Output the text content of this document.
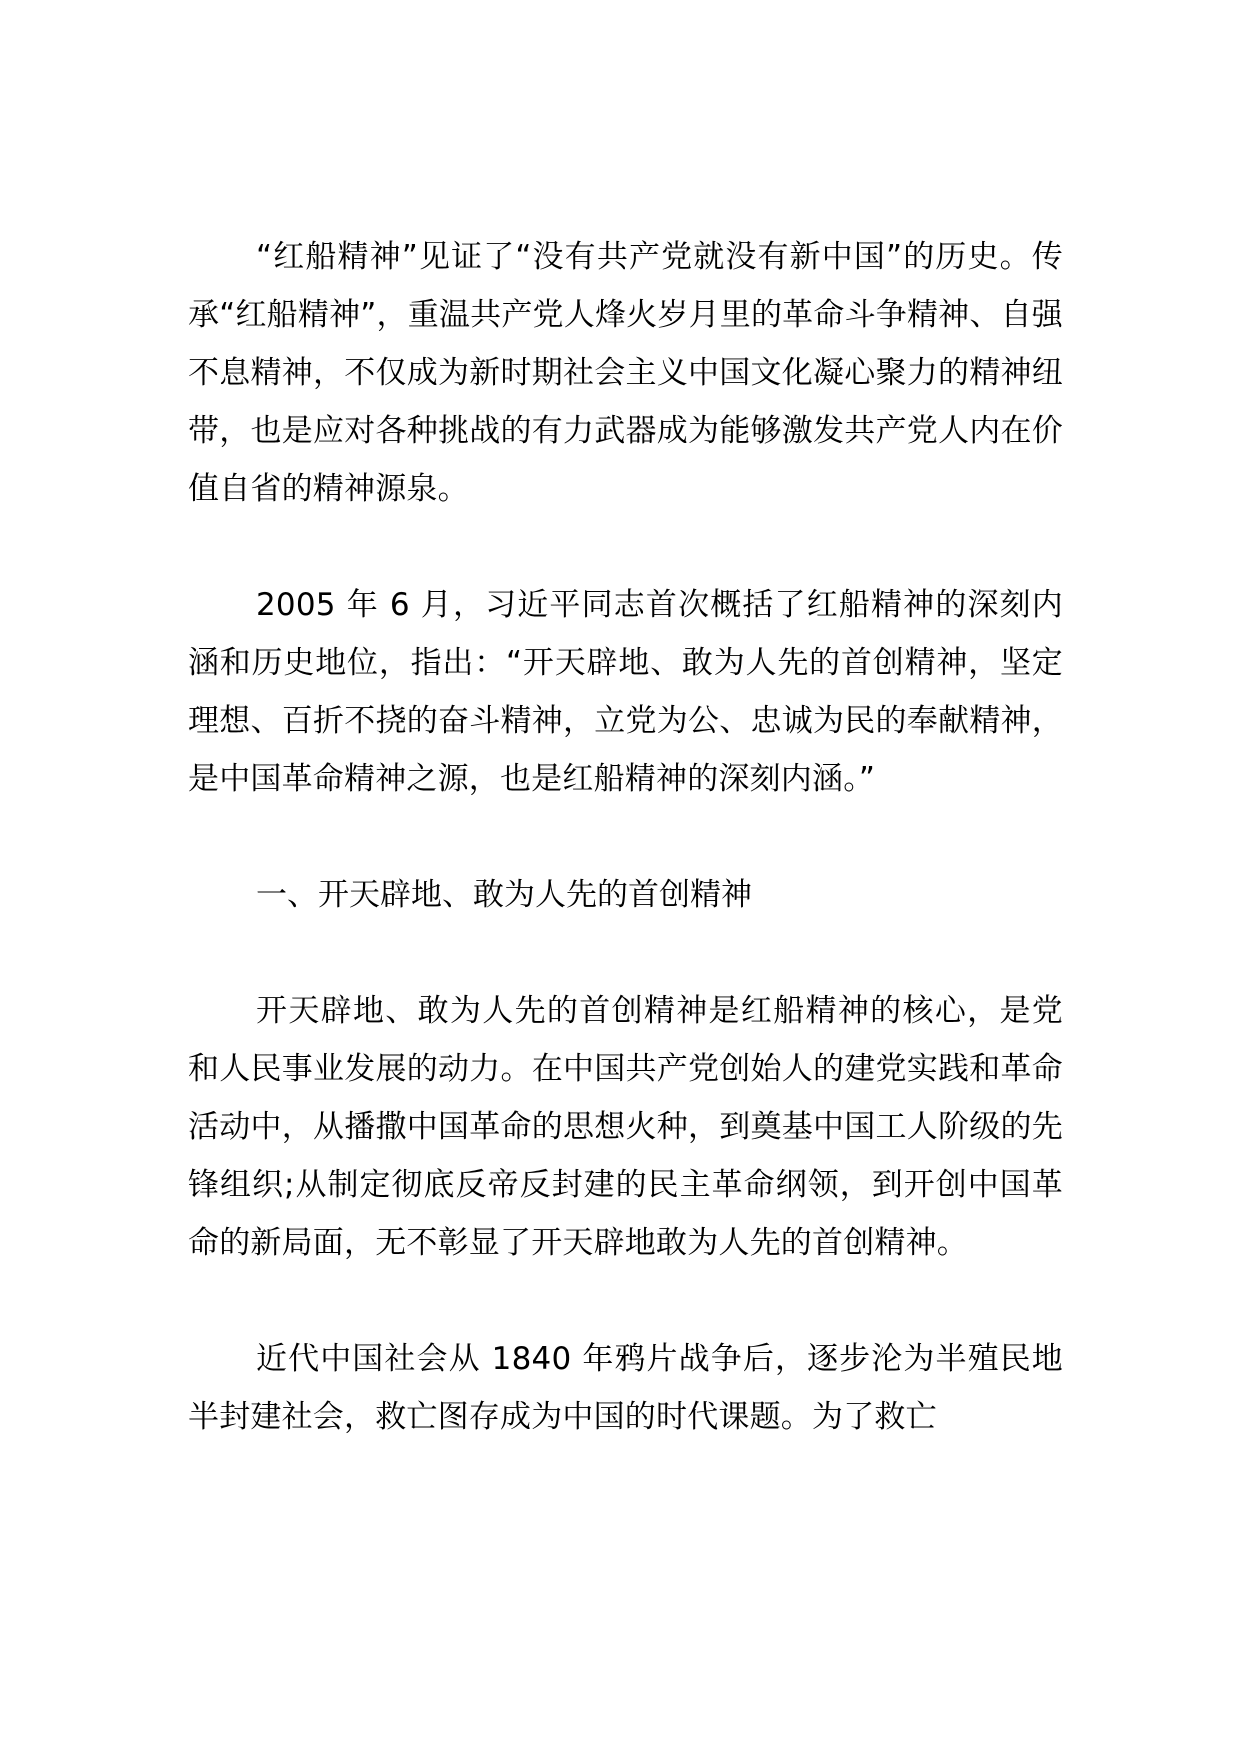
“红船精神”见证了“没有共产党就没有新中国”的历史。传承“红船精神”，重温共产党人烽火岁月里的革命斗争精神、自强不息精神，不仅成为新时期社会主义中国文化凝心聚力的精神纽带，也是应对各种挑战的有力武器成为能够激发共产党人内在价值自省的精神源泉。

2005 年 6 月，习近平同志首次概括了红船精神的深刻内涵和历史地位，指出：“开天辟地、敢为人先的首创精神，坚定理想、百折不挠的奋斗精神，立党为公、忠诚为民的奉献精神，是中国革命精神之源，也是红船精神的深刻内涵。”

一、开天辟地、敢为人先的首创精神

开天辟地、敢为人先的首创精神是红船精神的核心，是党和人民事业发展的动力。在中国共产党创始人的建党实践和革命活动中，从播撒中国革命的思想火种，到奠基中国工人阶级的先锋组织;从制定彻底反帝反封建的民主革命纲领，到开创中国革命的新局面，无不彰显了开天辟地敢为人先的首创精神。

近代中国社会从 1840 年鸦片战争后，逐步沦为半殖民地半封建社会，救亡图存成为中国的时代课题。为了救亡
